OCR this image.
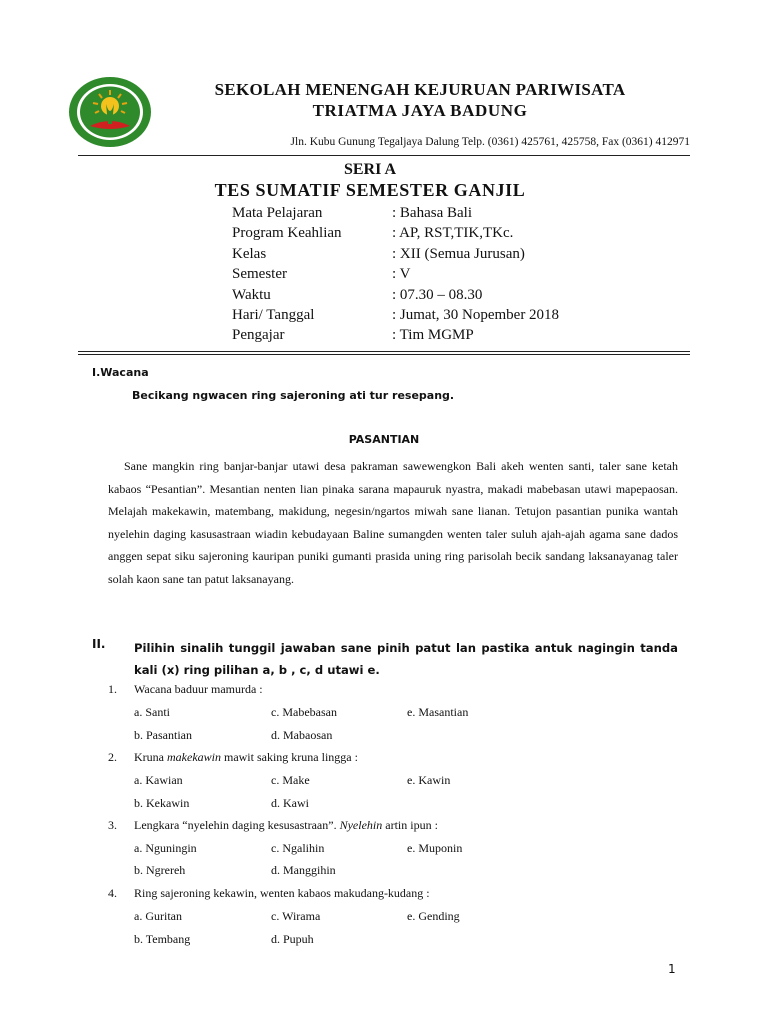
SEKOLAH MENENGAH KEJURUAN PARIWISATA
TRIATMA JAYA BADUNG
Jln. Kubu Gunung Tegaljaya Dalung Telp. (0361) 425761, 425758, Fax (0361) 412971
SERI A
TES SUMATIF SEMESTER GANJIL
Mata Pelajaran	: Bahasa Bali
Program Keahlian	: AP, RST,TIK,TKc.
Kelas	: XII (Semua Jurusan)
Semester	: V
Waktu	: 07.30 – 08.30
Hari/ Tanggal	: Jumat, 30 Nopember 2018
Pengajar	: Tim MGMP
I.Wacana
Becikang ngwacen ring sajeroning ati tur resepang.
PASANTIAN

Sane mangkin ring banjar-banjar utawi desa pakraman sawewengkon Bali akeh wenten santi, taler sane ketah kabaos “Pesantian”. Mesantian nenten lian pinaka sarana mapauruk nyastra, makadi mabebasan utawi mapepaosan. Melajah makekawin, matembang, makidung, negesin/ngartos miwah sane lianan. Tetujon pasantian punika wantah nyelehin daging kasusastraan wiadin kebudayaan Baline sumangden wenten taler suluh ajah-ajah agama sane dados anggen sepat siku sajeroning kauripan puniki gumanti prasida uning ring parisolah becik sandang laksanayanag taler solah kaon sane tan patut laksanayang.

II. Pilihin sinalih tunggil jawaban sane pinih patut lan pastika antuk nagingin tanda kali (x) ring pilihan a, b , c, d utawi e.
1. Wacana baduur mamurda :
a. Santi	c. Mabebasan	e. Masantian
b. Pasantian	d. Mabaosan
2. Kruna makekawin mawit saking kruna lingga :
a. Kawian	c. Make	e. Kawin
b. Kekawin	d. Kawi
3. Lengkara “nyelehin daging kesusastraan”. Nyelehin artin ipun :
a. Nguningin	c. Ngalihin	e. Muponin
b. Ngrereh	d. Manggihin
4. Ring sajeroning kekawin, wenten kabaos makudang-kudang :
a. Guritan	c. Wirama	e. Gending
b. Tembang	d. Pupuh
1
